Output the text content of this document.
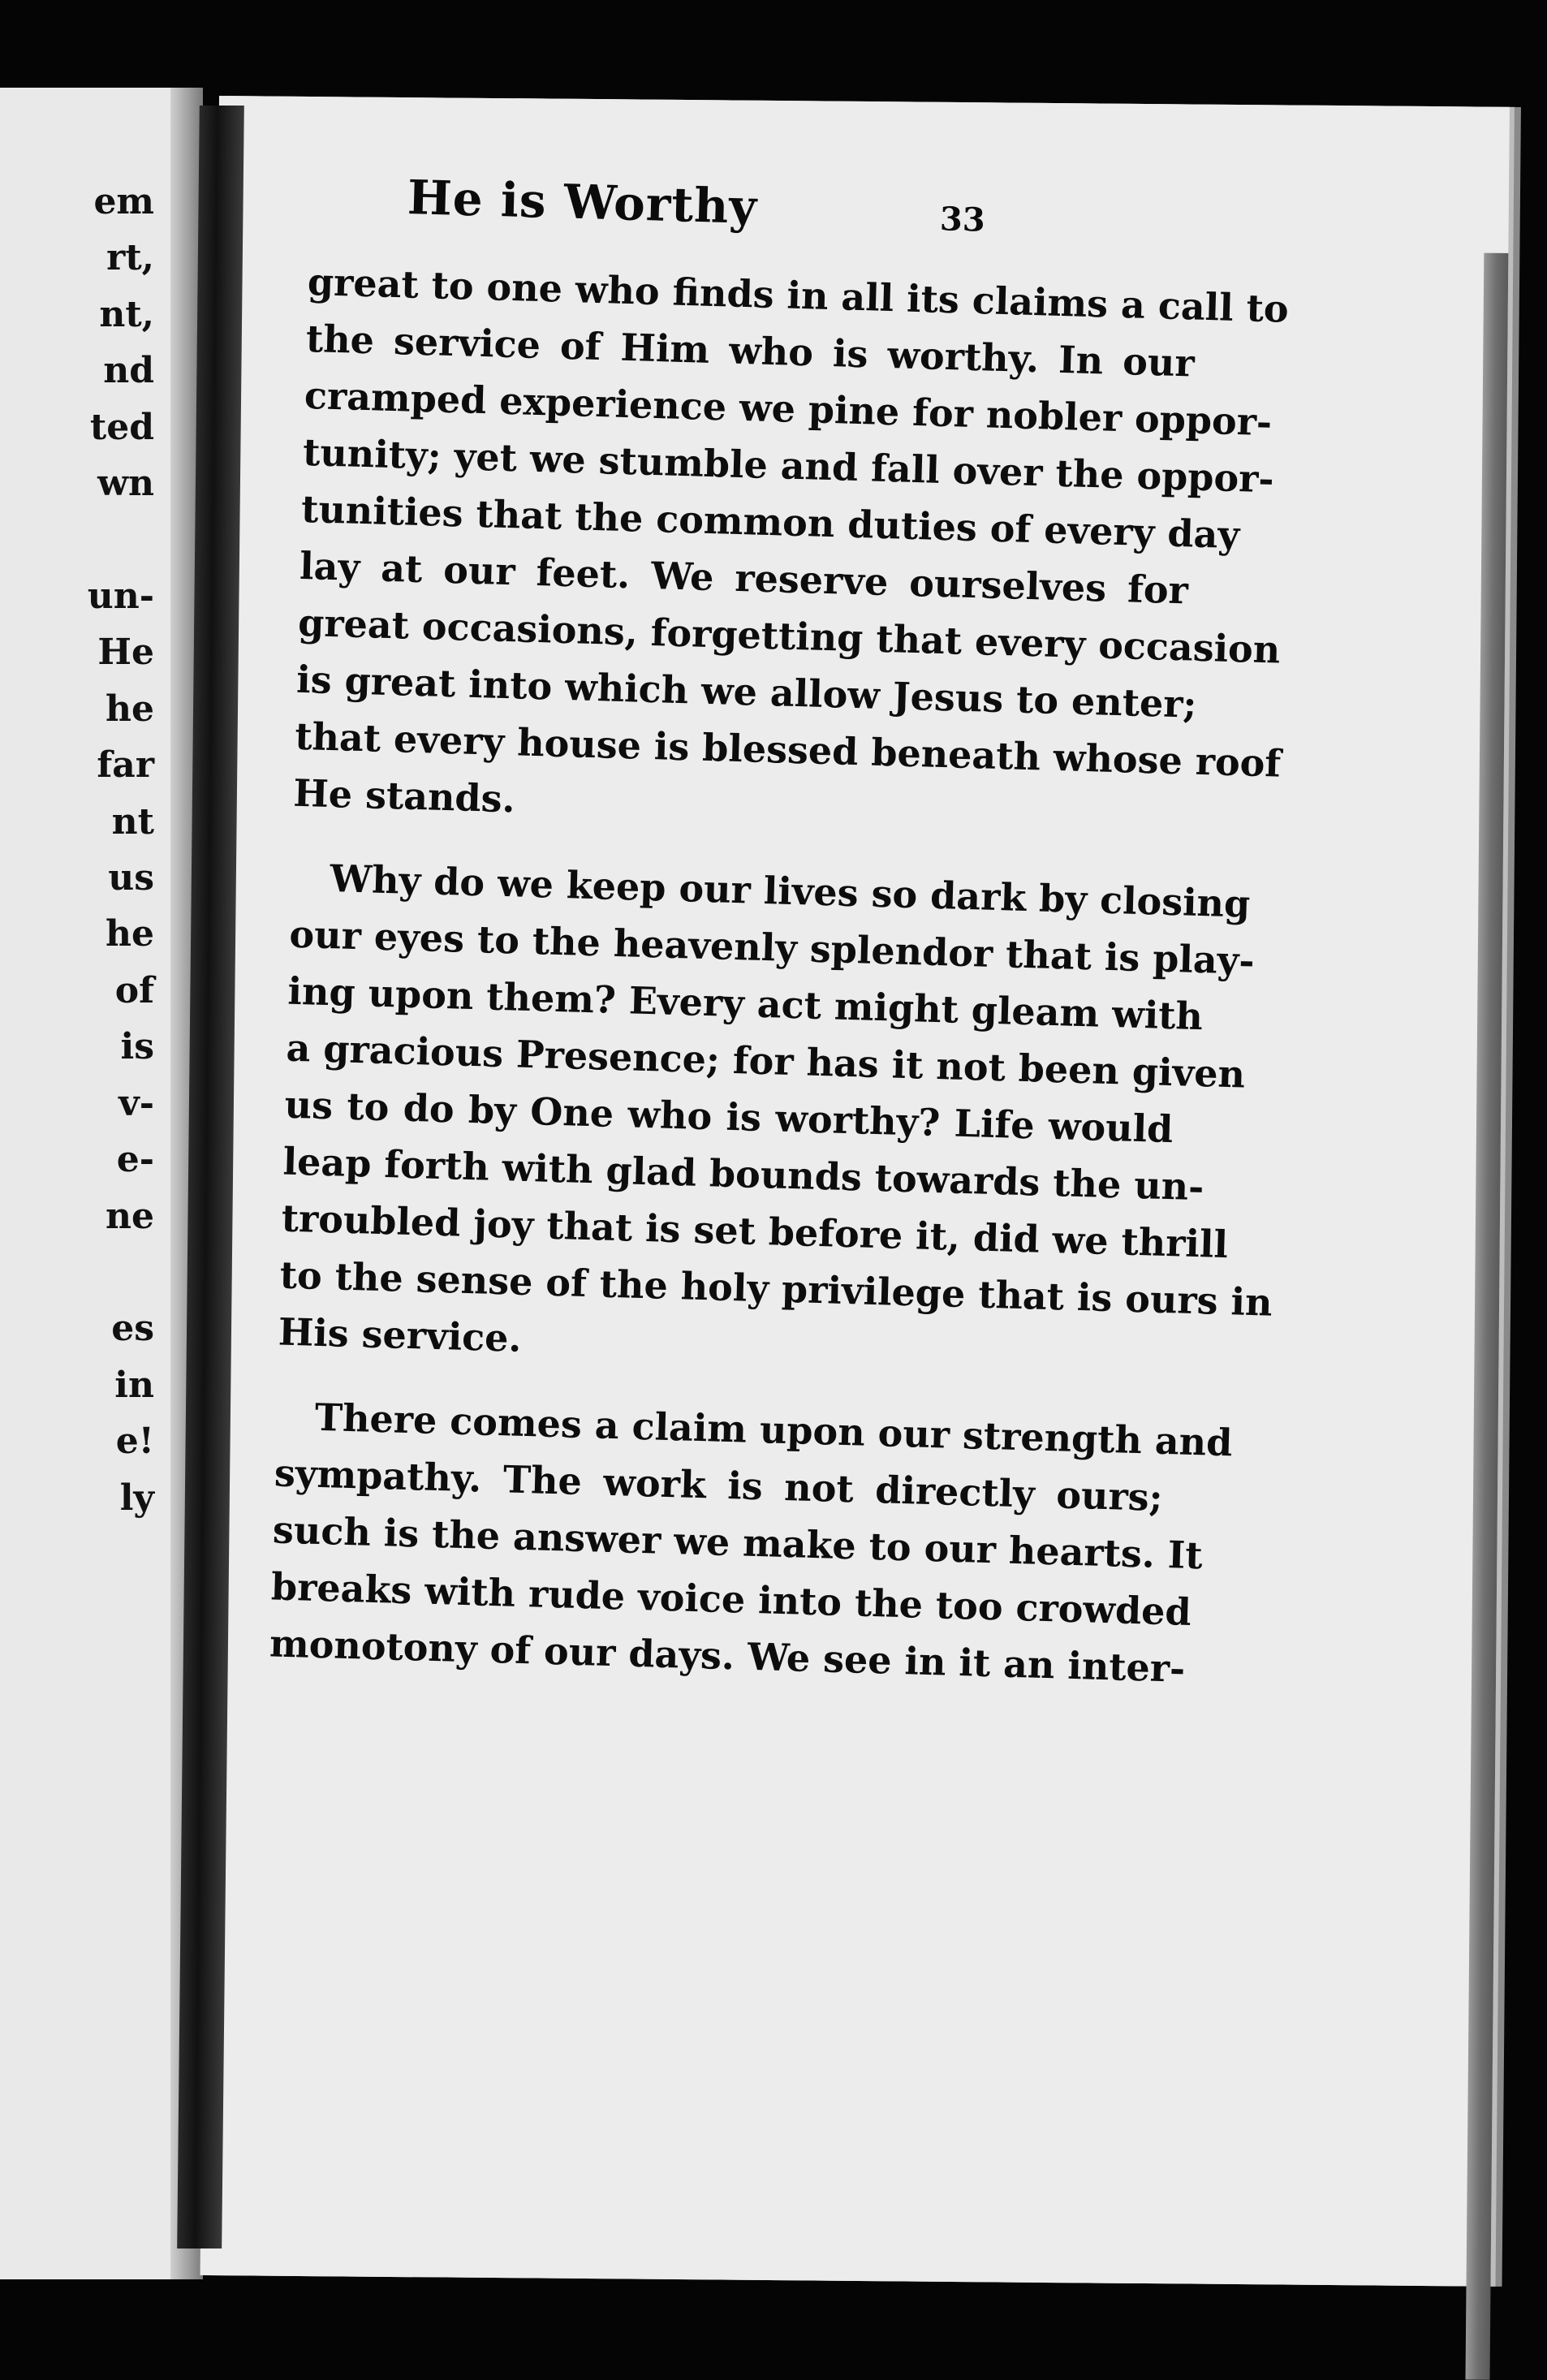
em
rt,
nt,
nd
ted
wn
un-
He
he
far
nt
us
he
of
is
v-
e-
ne
es
in
e!
ly
He is Worthy	33
great to one who finds in all its claims a call to
the service of Him who is worthy. In our
cramped experience we pine for nobler oppor-
tunity; yet we stumble and fall over the oppor-
tunities that the common duties of every day
lay at our feet. We reserve ourselves for
great occasions, forgetting that every occasion
is great into which we allow Jesus to enter;
that every house is blessed beneath whose roof
He stands.
Why do we keep our lives so dark by closing
our eyes to the heavenly splendor that is play-
ing upon them? Every act might gleam with
a gracious Presence; for has it not been given
us to do by One who is worthy? Life would
leap forth with glad bounds towards the un-
troubled joy that is set before it, did we thrill
to the sense of the holy privilege that is ours in
His service.
There comes a claim upon our strength and
sympathy. The work is not directly ours;
such is the answer we make to our hearts. It
breaks with rude voice into the too crowded
monotony of our days. We see in it an inter-
